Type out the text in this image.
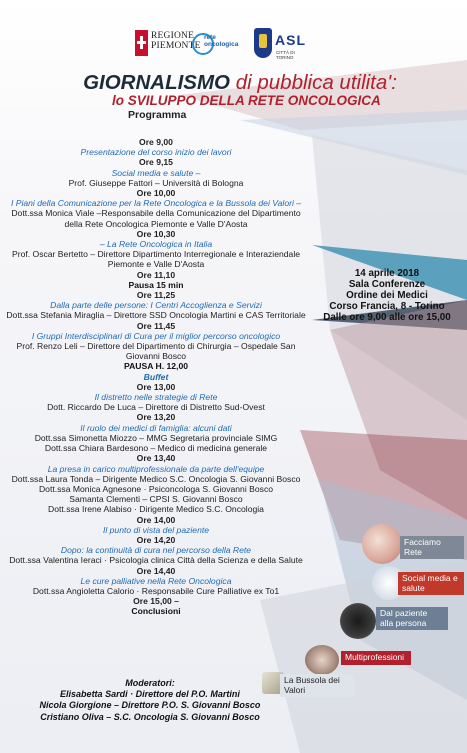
REGIONE
PIEMONTE
rete
oncologica	ASL
CITTÀ DI TORINO
GIORNALISMO di pubblica utilita':
lo SVILUPPO DELLA RETE ONCOLOGICA
Programma
Ore 9,00
Presentazione del corso inizio dei lavori
Ore 9,15
Social media e salute –
Prof. Giuseppe Fattori – Università di Bologna
Ore 10,00
I Piani della Comunicazione per la Rete Oncologica e la Bussola dei Valori –
Dott.ssa Monica Viale –Responsabile della Comunicazione del Dipartimento
della Rete Oncologica Piemonte e Valle D'Aosta
Ore 10,30
– La Rete Oncologica in Italia
Prof. Oscar Bertetto – Direttore Dipartimento Interregionale e Interaziendale
Piemonte e Valle D'Aosta
Ore 11,10
Pausa 15 min
Ore 11,25
Dalla parte delle persone: I Centri Accoglienza e Servizi
Dott.ssa Stefania Miraglia – Direttore SSD Oncologia Martini e CAS Territoriale
Ore 11,45
I Gruppi Interdisciplinari di Cura per il miglior percorso oncologico
Prof. Renzo Leli – Direttore del Dipartimento di Chirurgia – Ospedale San
Giovanni Bosco
PAUSA H. 12,00
Buffet
Ore 13,00
Il distretto nelle strategie di Rete
Dott. Riccardo De Luca – Direttore di Distretto Sud-Ovest
Ore 13,20
Il ruolo dei medici di famiglia: alcuni dati
Dott.ssa Simonetta Miozzo – MMG Segretaria provinciale SIMG
Dott.ssa Chiara Bardesono – Medico di medicina generale
Ore 13,40
La presa in carico multiprofessionale da parte dell'equipe
Dott.ssa Laura Tonda – Dirigente Medico S.C. Oncologia S. Giovanni Bosco
Dott.ssa Monica Agnesone · Psiconcologa S. Giovanni Bosco
Samanta Clementi – CPSI S. Giovanni Bosco
Dott.ssa Irene Alabiso · Dirigente Medico S.C. Oncologia
Ore 14,00
Il punto di vista del paziente
Ore 14,20
Dopo: la continuità di cura nel percorso della Rete
Dott.ssa Valentina Ieraci · Psicologia clinica Città della Scienza e della Salute
Ore 14,40
Le cure palliative nella Rete Oncologica
Dott.ssa Angioletta Calorio · Responsabile Cure Palliative ex To1
Ore 15,00 –
Conclusioni
Moderatori:
Elisabetta Sardi · Direttore del P.O. Martini
Nicola Giorgione – Direttore P.O. S. Giovanni Bosco
Cristiano Oliva – S.C. Oncologia S. Giovanni Bosco
14 aprile 2018
Sala Conferenze
Ordine dei Medici
Corso Francia, 8 - Torino
Dalle ore 9,00 alle ore 15,00
Facciamo
Rete
Social media e
salute
Dal paziente
alla persona
Multiprofessioni
La Bussola dei
Valori
